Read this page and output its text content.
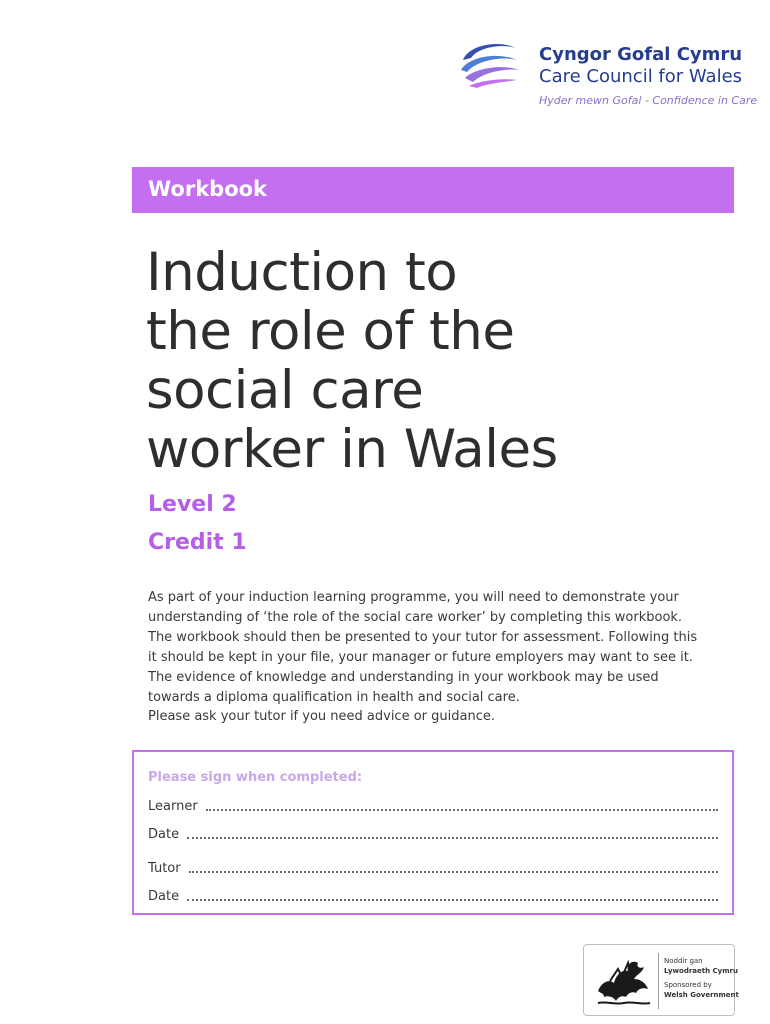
Cyngor Gofal Cymru
Care Council for Wales
Hyder mewn Gofal - Confidence in Care
Workbook
Induction to
the role of the
social care
worker in Wales
Level 2
Credit 1
As part of your induction learning programme, you will need to demonstrate your
understanding of ‘the role of the social care worker’ by completing this workbook.
The workbook should then be presented to your tutor for assessment. Following this
it should be kept in your file, your manager or future employers may want to see it.
The evidence of knowledge and understanding in your workbook may be used
towards a diploma qualification in health and social care.
Please ask your tutor if you need advice or guidance.
Please sign when completed:
Learner
Date
Tutor
Date
Noddir gan
Lywodraeth Cymru
Sponsored by
Welsh Government
